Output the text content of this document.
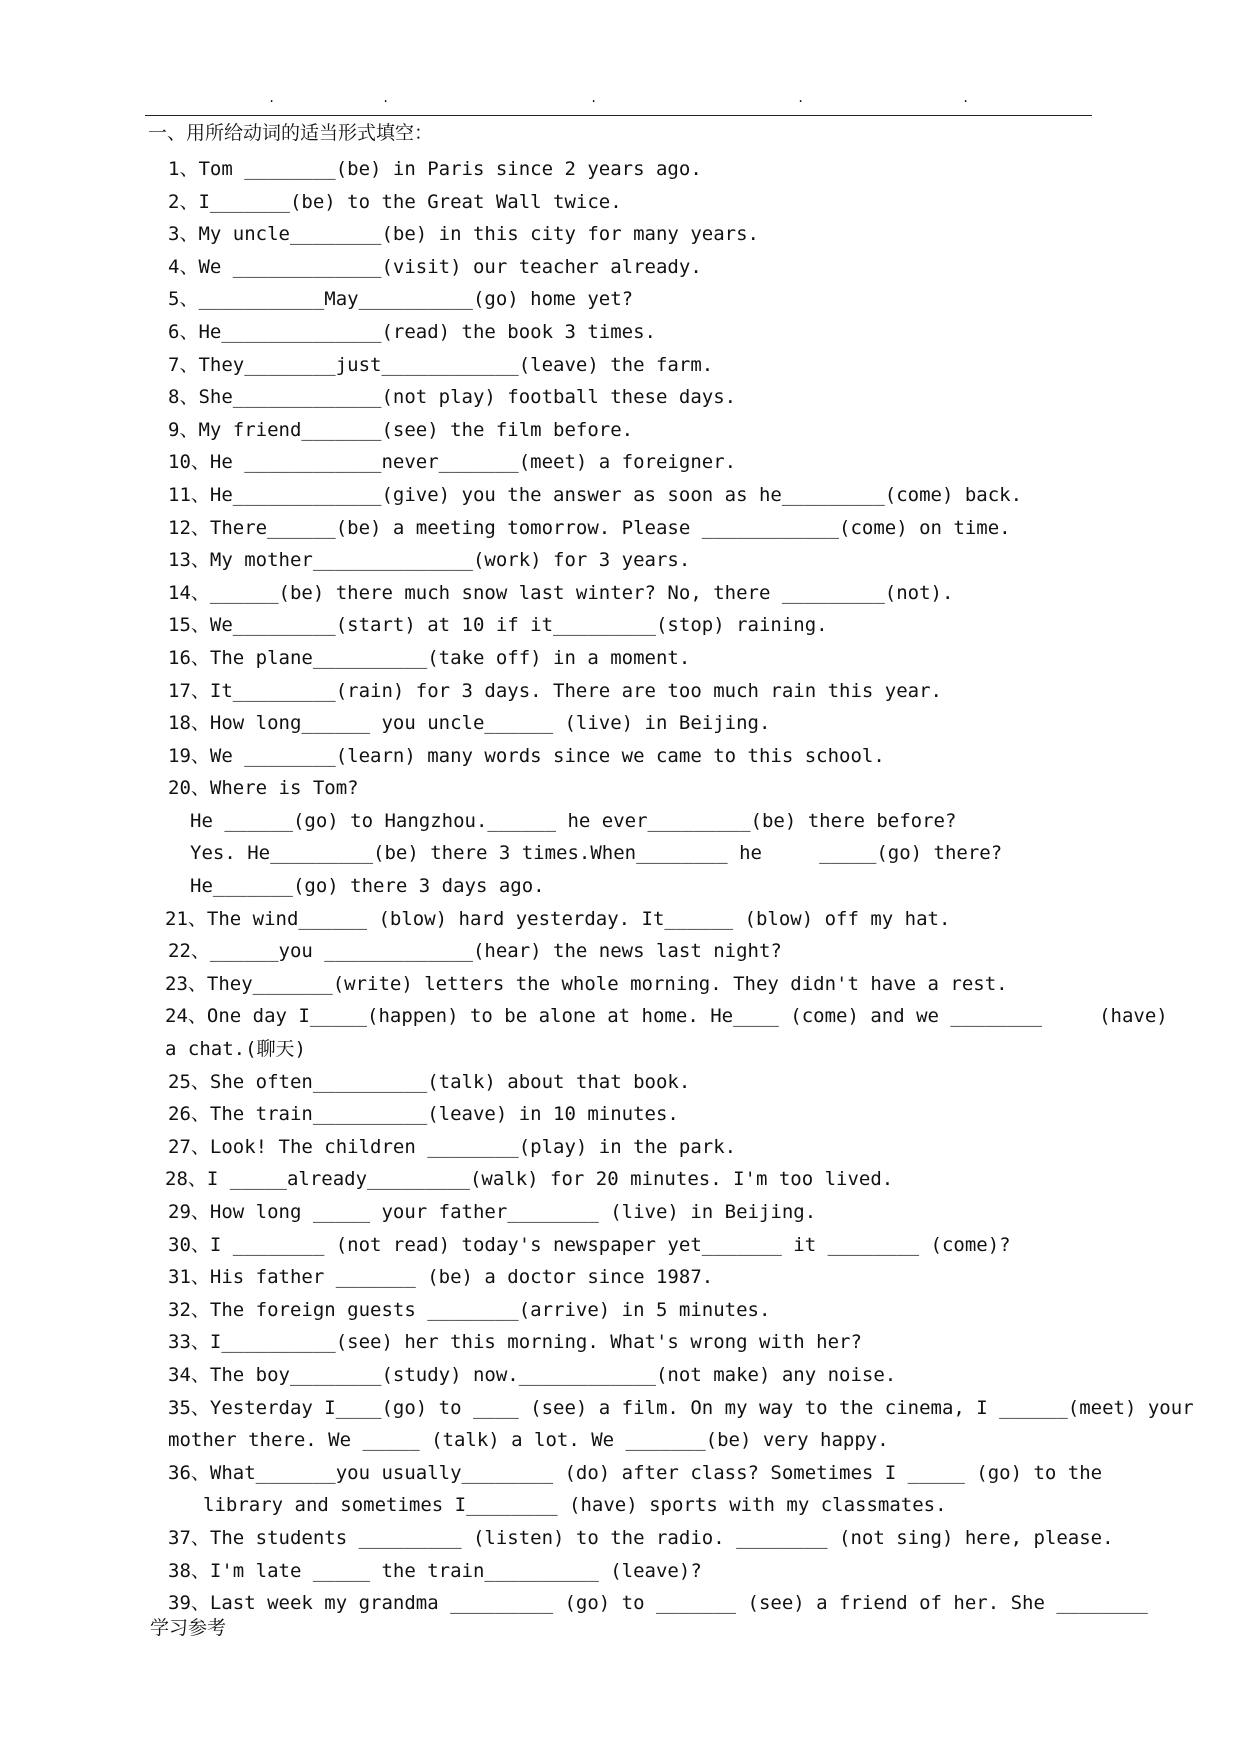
.	.	.	.	.
一、用所给动词的适当形式填空：
1、Tom ________(be) in Paris since 2 years ago.
2、I_______(be) to the Great Wall twice.
3、My uncle________(be) in this city for many years.
4、We _____________(visit) our teacher already.
5、___________May__________(go) home yet?
6、He______________(read) the book 3 times.
7、They________just____________(leave) the farm.
8、She_____________(not play) football these days.
9、My friend_______(see) the film before.
10、He ____________never_______(meet) a foreigner.
11、He_____________(give) you the answer as soon as he_________(come) back.
12、There______(be) a meeting tomorrow. Please ____________(come) on time.
13、My mother______________(work) for 3 years.
14、______(be) there much snow last winter? No, there _________(not).
15、We_________(start) at 10 if it_________(stop) raining.
16、The plane__________(take off) in a moment.
17、It_________(rain) for 3 days. There are too much rain this year.
18、How long______ you uncle______ (live) in Beijing.
19、We ________(learn) many words since we came to this school.
20、Where is Tom?
He ______(go) to Hangzhou.______ he ever_________(be) there before?
Yes. He_________(be) there 3 times.When________ he     _____(go) there?
He_______(go) there 3 days ago.
21、The wind______ (blow) hard yesterday. It______ (blow) off my hat.
22、______you _____________(hear) the news last night?
23、They_______(write) letters the whole morning. They didn't have a rest.
24、One day I_____(happen) to be alone at home. He____ (come) and we ________     (have)
a chat.(聊天)
25、She often__________(talk) about that book.
26、The train__________(leave) in 10 minutes.
27、Look! The children ________(play) in the park.
28、I _____already_________(walk) for 20 minutes. I'm too lived.
29、How long _____ your father________ (live) in Beijing.
30、I ________ (not read) today's newspaper yet_______ it ________ (come)?
31、His father _______ (be) a doctor since 1987.
32、The foreign guests ________(arrive) in 5 minutes.
33、I__________(see) her this morning. What's wrong with her?
34、The boy________(study) now.____________(not make) any noise.
35、Yesterday I____(go) to ____ (see) a film. On my way to the cinema, I ______(meet) your
mother there. We _____ (talk) a lot. We _______(be) very happy.
36、What_______you usually________ (do) after class? Sometimes I _____ (go) to the
library and sometimes I________ (have) sports with my classmates.
37、The students _________ (listen) to the radio. ________ (not sing) here, please.
38、I'm late _____ the train__________ (leave)?
39、Last week my grandma _________ (go) to _______ (see) a friend of her. She ________
学习参考
